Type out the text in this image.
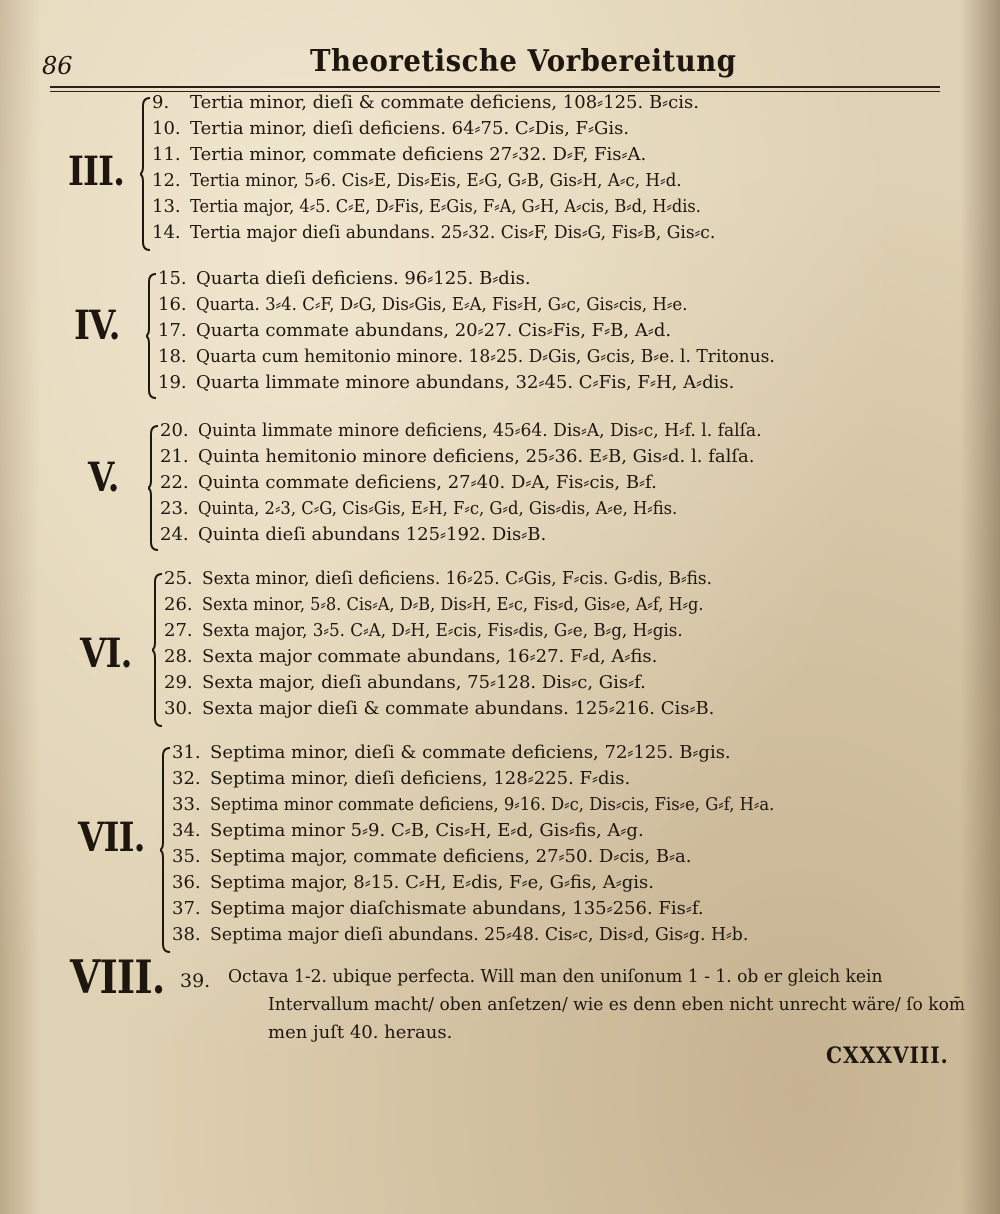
86	Theoretische Vorbereitung
III.
9.	Tertia minor, dieſi & commate deficiens, 108⸗125. B⸗cis.
10. Tertia minor, dieſi deficiens. 64⸗75. C⸗Dis, F⸗Gis.
11. Tertia minor, commate deficiens 27⸗32. D⸗F, Fis⸗A.
12. Tertia minor, 5⸗6. Cis⸗E, Dis⸗Eis, E⸗G, G⸗B, Gis⸗H, A⸗c, H⸗d.
13. Tertia major, 4⸗5. C⸗E, D⸗Fis, E⸗Gis, F⸗A, G⸗H, A⸗cis, B⸗d, H⸗dis.
14. Tertia major dieſi abundans. 25⸗32. Cis⸗F, Dis⸗G, Fis⸗B, Gis⸗c.
IV.
15. Quarta dieſi deficiens. 96⸗125. B⸗dis.
16. Quarta. 3⸗4. C⸗F, D⸗G, Dis⸗Gis, E⸗A, Fis⸗H, G⸗c, Gis⸗cis, H⸗e.
17. Quarta commate abundans, 20⸗27. Cis⸗Fis, F⸗B, A⸗d.
18. Quarta cum hemitonio minore. 18⸗25. D⸗Gis, G⸗cis, B⸗e. l. Tritonus.
19. Quarta limmate minore abundans, 32⸗45. C⸗Fis, F⸗H, A⸗dis.
V.
20. Quinta limmate minore deficiens, 45⸗64. Dis⸗A, Dis⸗c, H⸗f. l. falſa.
21. Quinta hemitonio minore deficiens, 25⸗36. E⸗B, Gis⸗d. l. falſa.
22. Quinta commate deficiens, 27⸗40. D⸗A, Fis⸗cis, B⸗f.
23. Quinta, 2⸗3, C⸗G, Cis⸗Gis, E⸗H, F⸗c, G⸗d, Gis⸗dis, A⸗e, H⸗fis.
24. Quinta dieſi abundans 125⸗192. Dis⸗B.
VI.
25. Sexta minor, dieſi deficiens. 16⸗25. C⸗Gis, F⸗cis. G⸗dis, B⸗fis.
26. Sexta minor, 5⸗8. Cis⸗A, D⸗B, Dis⸗H, E⸗c, Fis⸗d, Gis⸗e, A⸗f, H⸗g.
27. Sexta major, 3⸗5. C⸗A, D⸗H, E⸗cis, Fis⸗dis, G⸗e, B⸗g, H⸗gis.
28. Sexta major commate abundans, 16⸗27. F⸗d, A⸗fis.
29. Sexta major, dieſi abundans, 75⸗128. Dis⸗c, Gis⸗f.
30. Sexta major dieſi & commate abundans. 125⸗216. Cis⸗B.
VII.
31. Septima minor, dieſi & commate deficiens, 72⸗125. B⸗gis.
32. Septima minor, dieſi deficiens, 128⸗225. F⸗dis.
33. Septima minor commate deficiens, 9⸗16. D⸗c, Dis⸗cis, Fis⸗e, G⸗f, H⸗a.
34. Septima minor 5⸗9. C⸗B, Cis⸗H, E⸗d, Gis⸗fis, A⸗g.
35. Septima major, commate deficiens, 27⸗50. D⸗cis, B⸗a.
36. Septima major, 8⸗15. C⸗H, E⸗dis, F⸗e, G⸗fis, A⸗gis.
37. Septima major diaſchismate abundans, 135⸗256. Fis⸗f.
38. Septima major dieſi abundans. 25⸗48. Cis⸗c, Dis⸗d, Gis⸗g. H⸗b.
VIII. 39. Octava 1-2. ubique perfecta. Will man den uniſonum 1 - 1. ob er gleich kein
Intervallum macht/ oben anſetzen/ wie es denn eben nicht unrecht wäre/ ſo kom̄
men juſt 40. heraus.
CXXXVIII.
